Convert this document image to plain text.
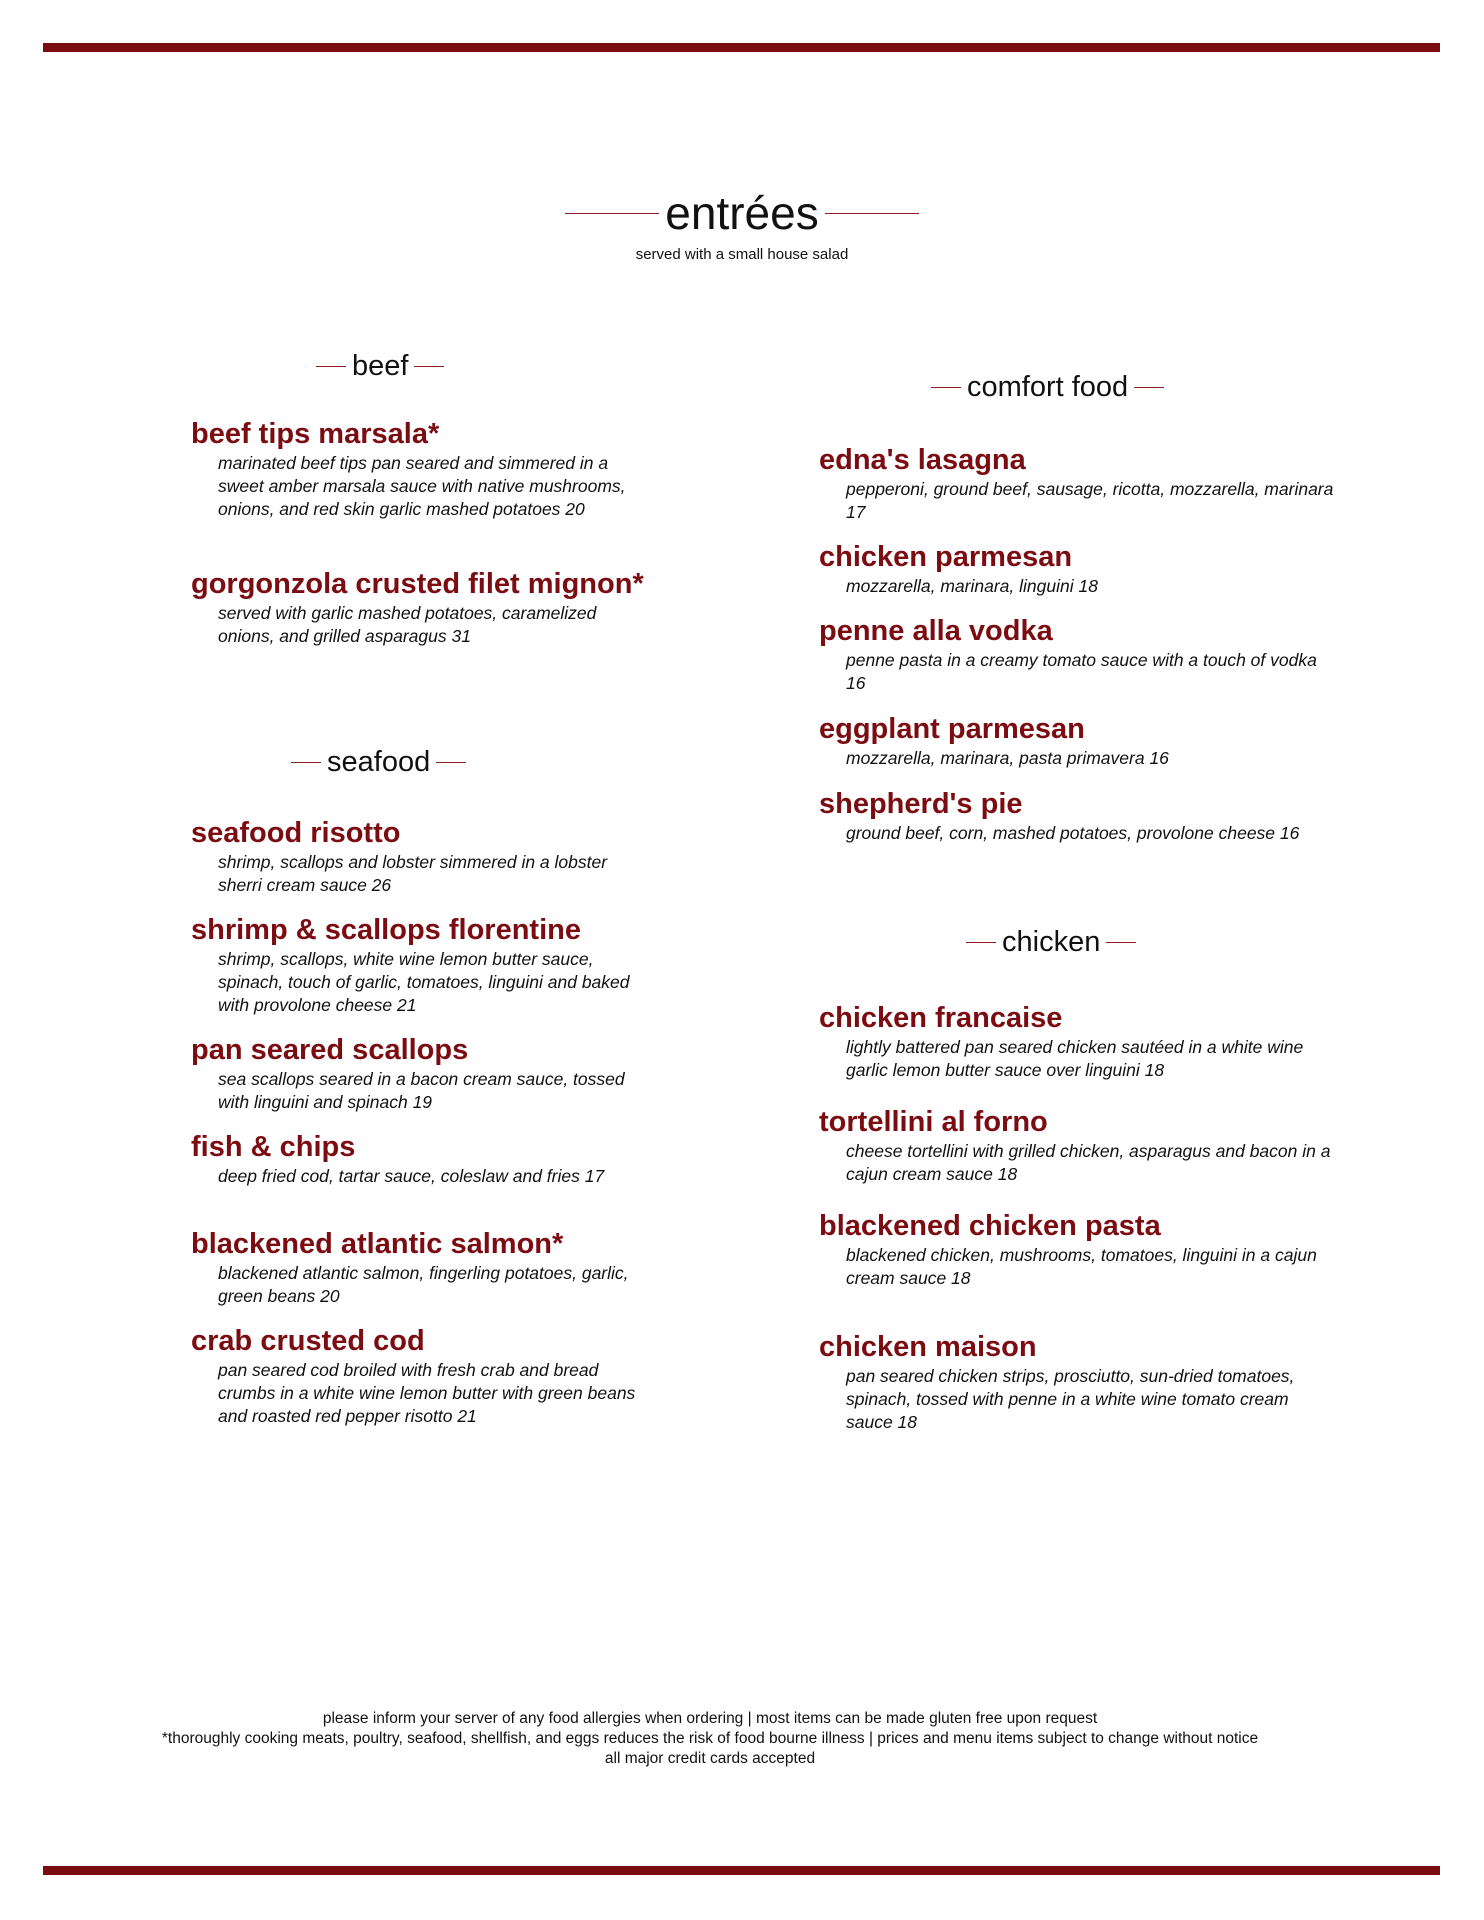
entrées
served with a small house salad
beef
beef tips marsala*
marinated beef tips pan seared and simmered in a sweet amber marsala sauce with native mushrooms, onions, and red skin garlic mashed potatoes 20
gorgonzola crusted filet mignon*
served with garlic mashed potatoes, caramelized onions, and grilled asparagus 31
seafood
seafood risotto
shrimp, scallops and lobster simmered in a lobster sherri cream sauce 26
shrimp & scallops florentine
shrimp, scallops, white wine lemon butter sauce, spinach, touch of garlic, tomatoes, linguini and baked with provolone cheese 21
pan seared scallops
sea scallops seared in a bacon cream sauce, tossed with linguini and spinach 19
fish & chips
deep fried cod, tartar sauce, coleslaw and fries 17
blackened atlantic salmon*
blackened atlantic salmon, fingerling potatoes, garlic, green beans 20
crab crusted cod
pan seared cod broiled with fresh crab and bread crumbs in a white wine lemon butter with green beans and roasted red pepper risotto 21
comfort food
edna's lasagna
pepperoni, ground beef, sausage, ricotta, mozzarella, marinara 17
chicken parmesan
mozzarella, marinara, linguini 18
penne alla vodka
penne pasta in a creamy tomato sauce with a touch of vodka 16
eggplant parmesan
mozzarella, marinara, pasta primavera 16
shepherd's pie
ground beef, corn, mashed potatoes, provolone cheese 16
chicken
chicken francaise
lightly battered pan seared chicken sautéed in a white wine garlic lemon butter sauce over linguini 18
tortellini al forno
cheese tortellini with grilled chicken, asparagus and bacon in a cajun cream sauce 18
blackened chicken pasta
blackened chicken, mushrooms, tomatoes, linguini in a cajun cream sauce 18
chicken maison
pan seared chicken strips, prosciutto, sun-dried tomatoes, spinach, tossed with penne in a white wine tomato cream sauce 18
please inform your server of any food allergies when ordering | most items can be made gluten free upon request
*thoroughly cooking meats, poultry, seafood, shellfish, and eggs reduces the risk of food bourne illness | prices and menu items subject to change without notice
all major credit cards accepted
